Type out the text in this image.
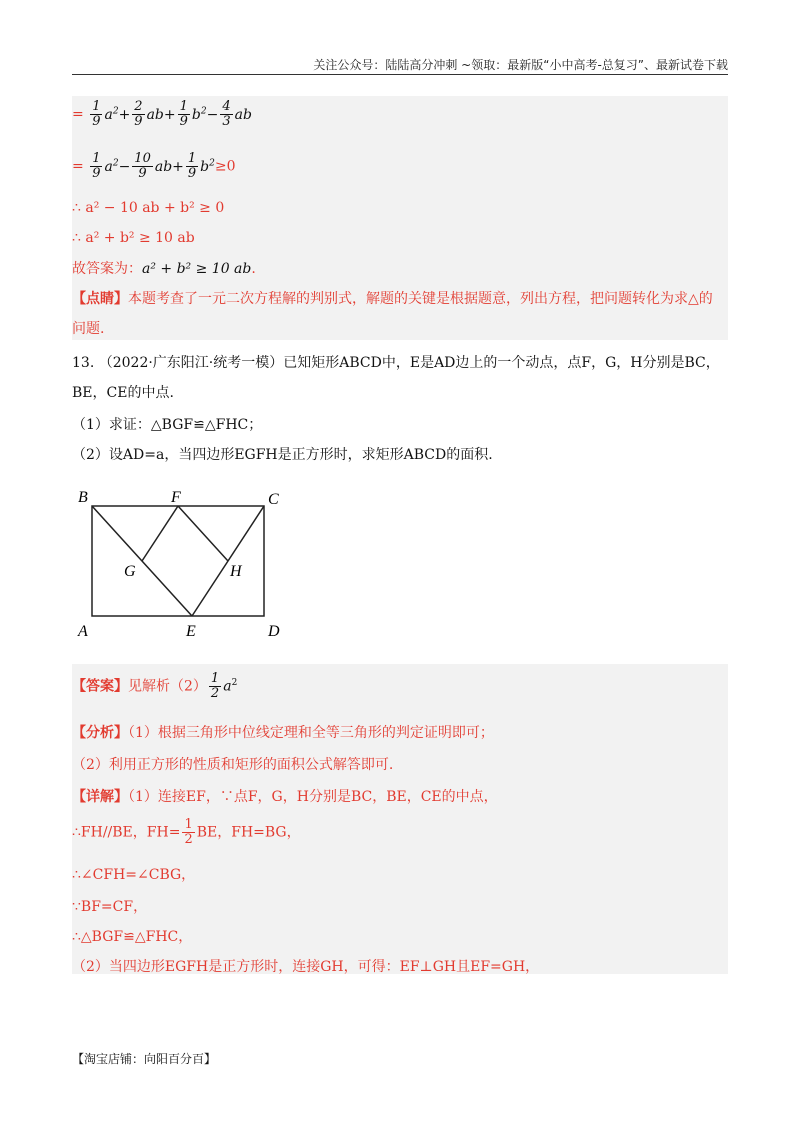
关注公众号：陆陆高分冲刺 ~领取：最新版“小中高考-总复习”、最新试卷下载
= $\frac{1}{9} a^2+ \frac{2}{9} ab+ \frac{1}{9} b^2- \frac{4}{3}$ ab
= $\frac{1}{9} a^2- \frac{10}{9} ab+ \frac{1}{9} b^2\ge 0$
∴ a² − 10 ab + b² ≥ 0
∴ a² + b² ≥ 10 ab
故答案为：a² + b² ≥ 10 ab.
【点睛】本题考查了一元二次方程解的判别式，解题的关键是根据题意，列出方程，把问题转化为求△的
问题.
13. （2022·广东阳江·统考一模）已知矩形ABCD中，E是AD边上的一个动点，点F，G，H分别是BC，
BE，CE的中点.
（1）求证：△BGF≌△FHC；
（2）设AD=a，当四边形EGFH是正方形时，求矩形ABCD的面积.
B	F	C
G	H
A	E	D
【答案】见解析$(2) \frac{1}{2} a^2$
【分析】（1）根据三角形中位线定理和全等三角形的判定证明即可；
（2）利用正方形的性质和矩形的面积公式解答即可.
【详解】（1）连接EF，∵点F，G，H分别是BC，BE，CE的中点，
∴FH//BE，$FH= \frac{1}{2}$ BE，FH=BG，
∴∠CFH=∠CBG，
∵BF=CF，
∴△BGF≌△FHC，
（2）当四边形EGFH是正方形时，连接GH，可得：EF⊥GH且EF=GH，
【淘宝店铺：向阳百分百】
